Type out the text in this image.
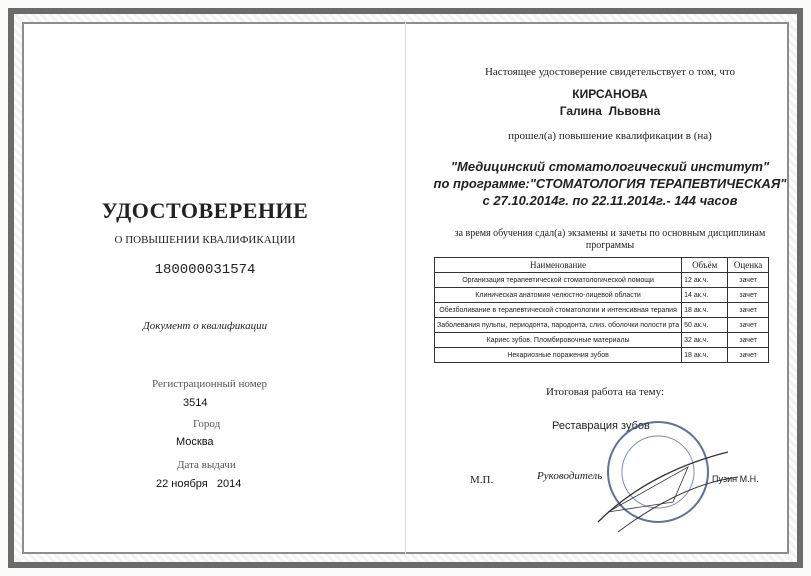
УДОСТОВЕРЕНИЕ
О ПОВЫШЕНИИ КВАЛИФИКАЦИИ
180000031574
Документ о квалификации
Регистрационный номер
3514
Город
Москва
Дата выдачи
22 ноября   2014
Настоящее удостоверение свидетельствует о том, что
КИРСАНОВА
Галина  Львовна
прошел(а) повышение квалификации в (на)
"Медицинский стоматологический институт"
по программе:"СТОМАТОЛОГИЯ ТЕРАПЕВТИЧЕСКАЯ"
с 27.10.2014г. по 22.11.2014г.- 144 часов
за время обучения сдал(а) экзамены и зачеты по основным дисциплинам
программы
Наименование	Объём	Оценка
Организация терапевтической стоматологической помощи	12 ак.ч.	зачет
Клиническая анатомия челюстно-лицевой области	14 ак.ч.	зачет
Обезболивание в терапевтической стоматологии и интенсивная терапия	18 ак.ч.	зачет
Заболевания пульпы, периодонта, пародонта, слиз. оболочки полости рта	50 ак.ч.	зачет
Кариес зубов. Пломбировочные материалы	32 ак.ч.	зачет
Некариозные поражения зубов	18 ак.ч.	зачет
Итоговая работа на тему:
Реставрация зубов
М.П.	Руководитель	Пузин М.Н.
